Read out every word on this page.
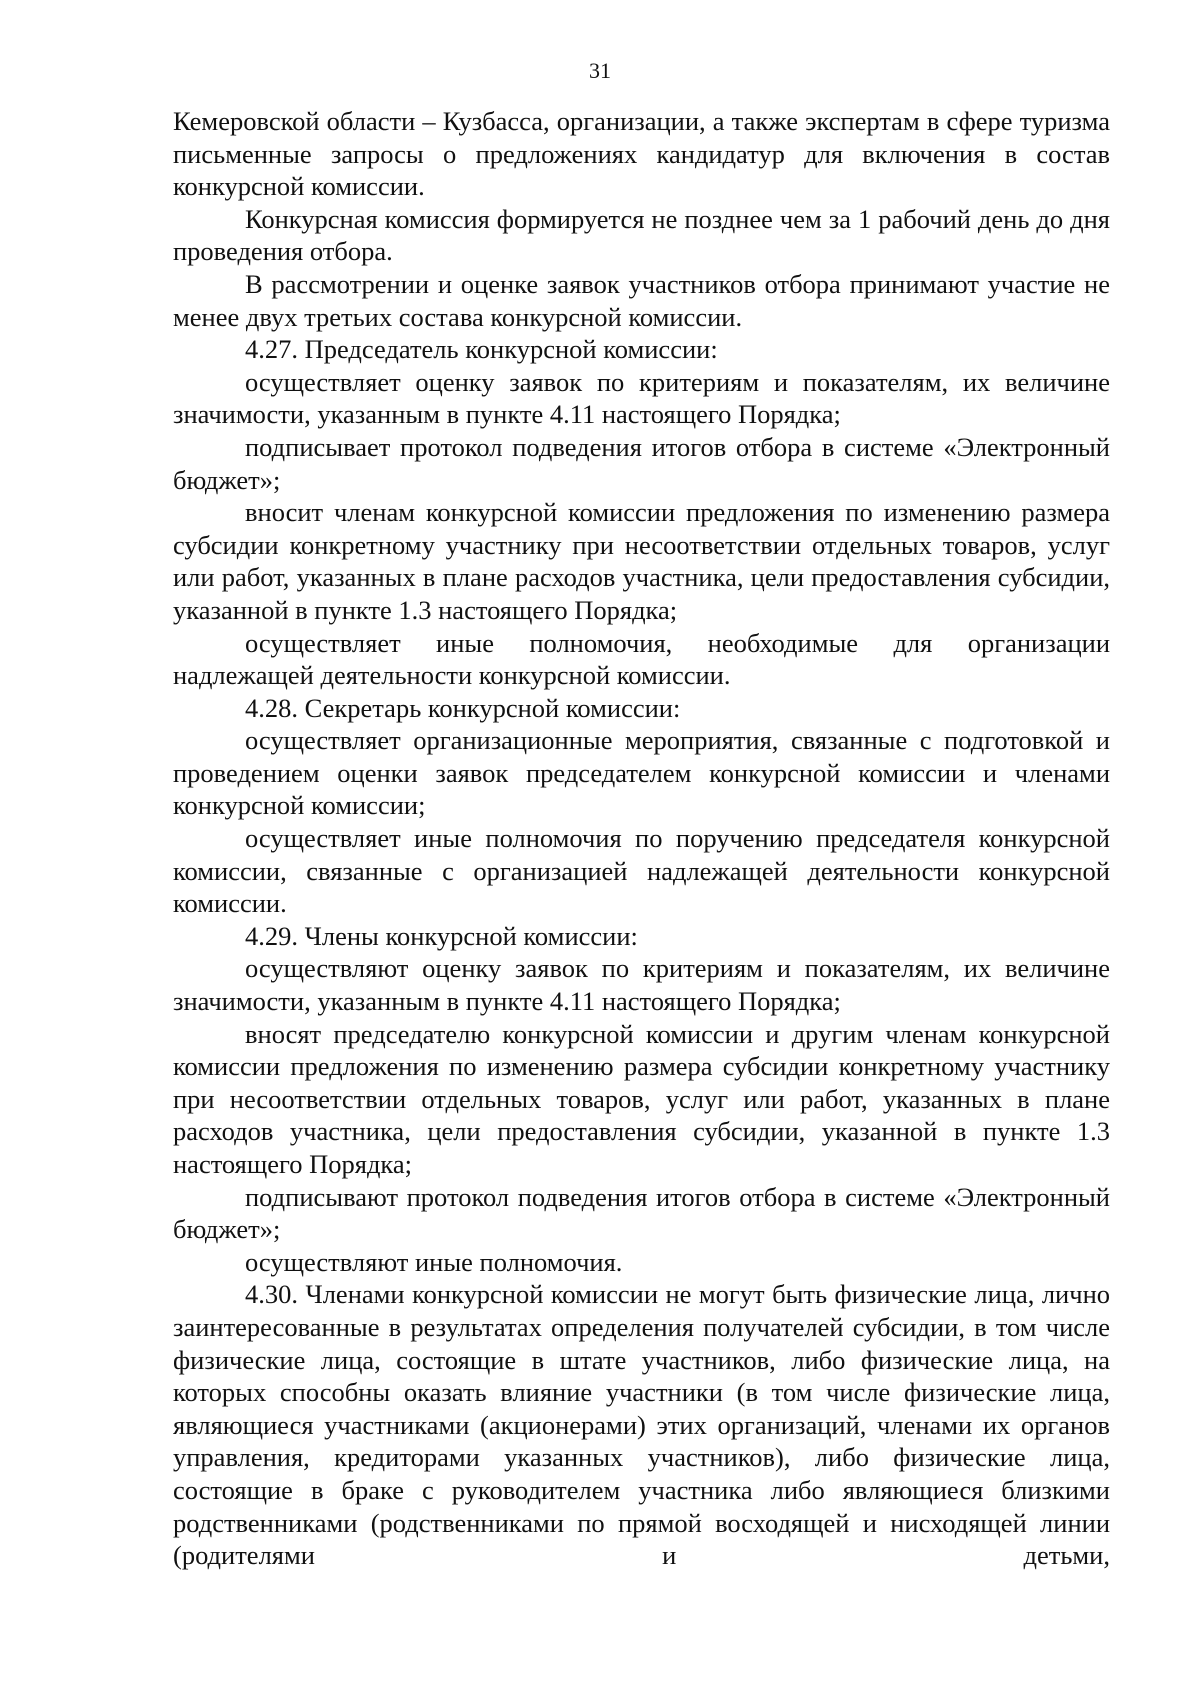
31

Кемеровской области – Кузбасса, организации, а также экспертам в сфере туризма письменные запросы о предложениях кандидатур для включения в состав конкурсной комиссии.

Конкурсная комиссия формируется не позднее чем за 1 рабочий день до дня проведения отбора.

В рассмотрении и оценке заявок участников отбора принимают участие не менее двух третьих состава конкурсной комиссии.

4.27. Председатель конкурсной комиссии:

осуществляет оценку заявок по критериям и показателям, их величине значимости, указанным в пункте 4.11 настоящего Порядка;

подписывает протокол подведения итогов отбора в системе «Электронный бюджет»;

вносит членам конкурсной комиссии предложения по изменению размера субсидии конкретному участнику при несоответствии отдельных товаров, услуг или работ, указанных в плане расходов участника, цели предоставления субсидии, указанной в пункте 1.3 настоящего Порядка;

осуществляет иные полномочия, необходимые для организации надлежащей деятельности конкурсной комиссии.

4.28. Секретарь конкурсной комиссии:

осуществляет организационные мероприятия, связанные с подготовкой и проведением оценки заявок председателем конкурсной комиссии и членами конкурсной комиссии;

осуществляет иные полномочия по поручению председателя конкурсной комиссии, связанные с организацией надлежащей деятельности конкурсной комиссии.

4.29. Члены конкурсной комиссии:

осуществляют оценку заявок по критериям и показателям, их величине значимости, указанным в пункте 4.11 настоящего Порядка;

вносят председателю конкурсной комиссии и другим членам конкурсной комиссии предложения по изменению размера субсидии конкретному участнику при несоответствии отдельных товаров, услуг или работ, указанных в плане расходов участника, цели предоставления субсидии, указанной в пункте 1.3 настоящего Порядка;

подписывают протокол подведения итогов отбора в системе «Электронный бюджет»;

осуществляют иные полномочия.

4.30. Членами конкурсной комиссии не могут быть физические лица, лично заинтересованные в результатах определения получателей субсидии, в том числе физические лица, состоящие в штате участников, либо физические лица, на которых способны оказать влияние участники (в том числе физические лица, являющиеся участниками (акционерами) этих организаций, членами их органов управления, кредиторами указанных участников), либо физические лица, состоящие в браке с руководителем участника либо являющиеся близкими родственниками (родственниками по прямой восходящей и нисходящей линии (родителями и детьми,
